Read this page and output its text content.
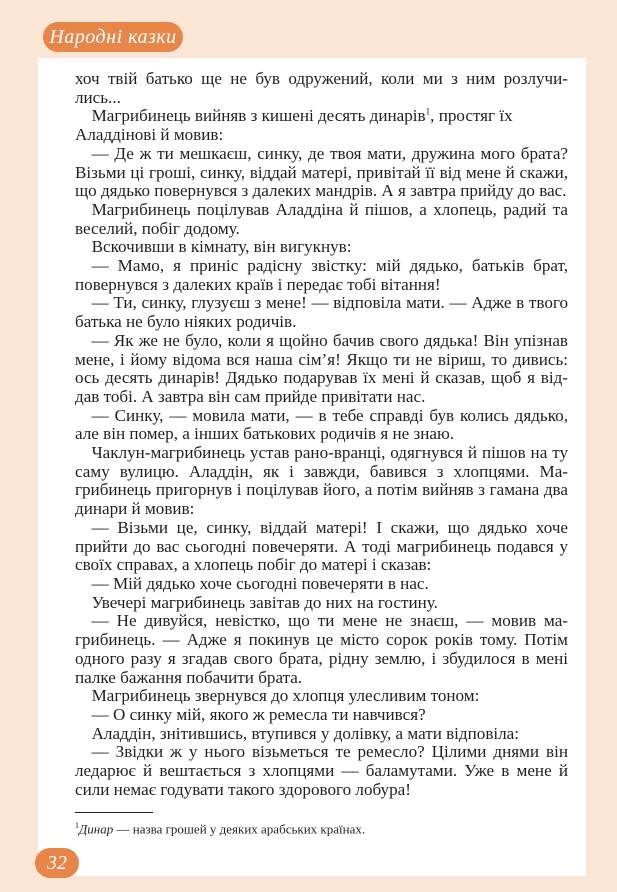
Народні казки

хоч твій батько ще не був одружений, коли ми з ним розлучи-лись...

Магрибинець вийняв з кишені десять динарів$^1$, простяг їх

Аладдінові й мовив:

— Де ж ти мешкаєш, синку, де твоя мати, дружина мого брата? Візьми ці гроші, синку, віддай матері, привітай її від мене й скажи, що дядько повернувся з далеких мандрів. А я завтра прийду до вас.

Магрибинець поцілував Аладдіна й пішов, а хлопець, радий та веселий, побіг додому.

Вскочивши в кімнату, він вигукнув:

— Мамо, я приніс радісну звістку: мій дядько, батьків брат, повернувся з далеких країв і передає тобі вітання!

— Ти, синку, глузуєш з мене! — відповіла мати. — Адже в твого батька не було ніяких родичів.

— Як же не було, коли я щойно бачив свого дядька! Він упізнав мене, і йому відома вся наша сім’я! Якщо ти не віриш, то дивись: ось десять динарів! Дядько подарував їх мені й сказав, щоб я від-дав тобі. А завтра він сам прийде привітати нас.

— Синку, — мовила мати, — в тебе справді був колись дядько, але він помер, а інших батькових родичів я не знаю.

Чаклун-магрибинець устав рано-вранці, одягнувся й пішов на ту саму вулицю. Аладдін, як і завжди, бавився з хлопцями. Ма-грибинець пригорнув і поцілував його, а потім вийняв з гамана два динари й мовив:

— Візьми це, синку, віддай матері! І скажи, що дядько хоче прийти до вас сьогодні повечеряти. А тоді магрибинець подався у своїх справах, а хлопець побіг до матері і сказав:

— Мій дядько хоче сьогодні повечеряти в нас.

Увечері магрибинець завітав до них на гостину.

— Не дивуйся, невістко, що ти мене не знаєш, — мовив ма-грибинець. — Адже я покинув це місто сорок років тому. Потім одного разу я згадав свого брата, рідну землю, і збудилося в мені палке бажання побачити брата.

Магрибинець звернувся до хлопця улесливим тоном:

— О синку мій, якого ж ремесла ти навчився?

Аладдін, знітившись, втупився у долівку, а мати відповіла:

— Звідки ж у нього візьметься те ремесло? Цілими днями він ледарює й вештається з хлопцями — баламутами. Уже в мене й сили немає годувати такого здорового лобура!

$^1$Динар — назва грошей у деяких арабських країнах.
32
